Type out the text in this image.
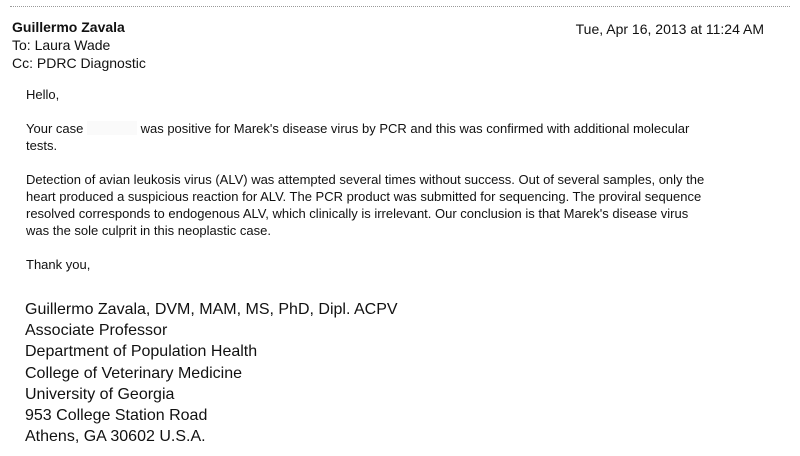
Guillermo Zavala	Tue, Apr 16, 2013 at 11:24 AM
To: Laura Wade
Cc: PDRC Diagnostic

Hello,

Your case	was positive for Marek's disease virus by PCR and this was confirmed with additional molecular tests.

Detection of avian leukosis virus (ALV) was attempted several times without success. Out of several samples, only the heart produced a suspicious reaction for ALV. The PCR product was submitted for sequencing. The proviral sequence resolved corresponds to endogenous ALV, which clinically is irrelevant. Our conclusion is that Marek's disease virus was the sole culprit in this neoplastic case.

Thank you,

Guillermo Zavala, DVM, MAM, MS, PhD, Dipl. ACPV
Associate Professor
Department of Population Health
College of Veterinary Medicine
University of Georgia
953 College Station Road
Athens, GA 30602 U.S.A.
